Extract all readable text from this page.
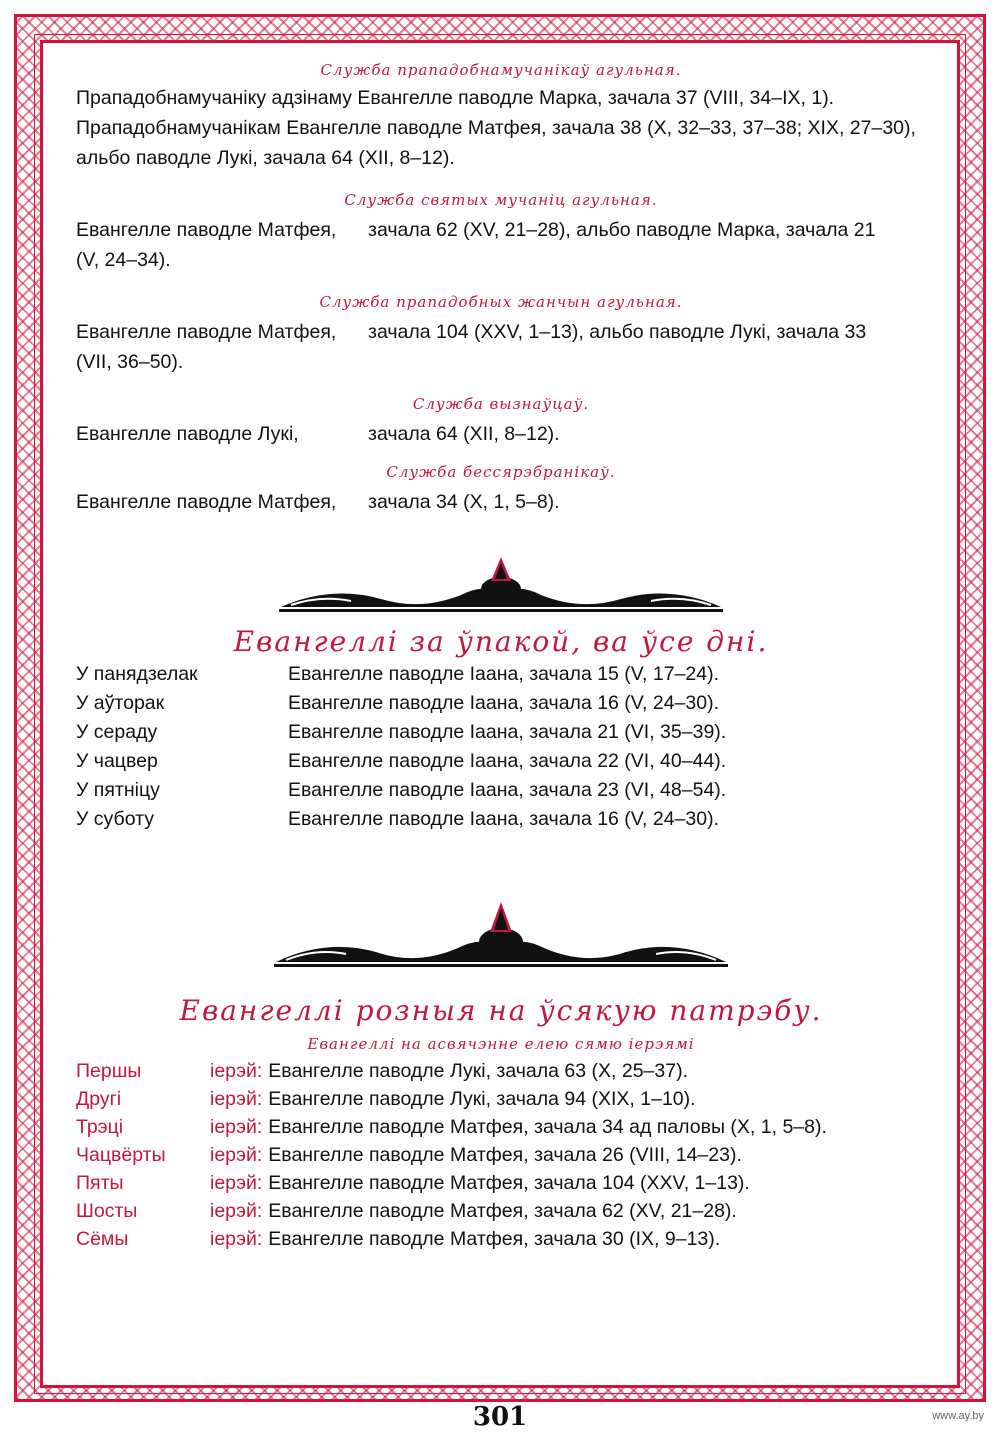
Служба прападобнамучанікаў агульная.

Прападобнамучаніку адзінаму Евангелле паводле Марка, зачала 37 (VIII, 34–IX, 1).

Прападобнамучанікам Евангелле паводле Матфея, зачала 38 (X, 32–33, 37–38; XIX, 27–30), альбо паводле Лукі, зачала 64 (XII, 8–12).

Служба святых мучаніц агульная.
Евангелле паводле Матфея,	зачала 62 (XV, 21–28), альбо паводле Марка, зачала 21
(V, 24–34).
Служба прападобных жанчын агульная.
Евангелле паводле Матфея,	зачала 104 (XXV, 1–13), альбо паводле Лукі, зачала 33
(VII, 36–50).
Служба вызнаўцаў.
Евангелле паводле Лукі,	зачала 64 (XII, 8–12).
Служба бессярэбранікаў.
Евангелле паводле Матфея,	зачала 34 (X, 1, 5–8).
Евангеллі за ўпакой, ва ўсе дні.
У панядзелак	Евангелле паводле Іаана, зачала 15 (V, 17–24).
У аўторак	Евангелле паводле Іаана, зачала 16 (V, 24–30).
У сераду	Евангелле паводле Іаана, зачала 21 (VI, 35–39).
У чацвер	Евангелле паводле Іаана, зачала 22 (VI, 40–44).
У пятніцу	Евангелле паводле Іаана, зачала 23 (VI, 48–54).
У суботу	Евангелле паводле Іаана, зачала 16 (V, 24–30).
Евангеллі розныя на ўсякую патрэбу.
Евангеллі на асвячэнне елею сямю іерэямі
Першы	іерэй: Евангелле паводле Лукі, зачала 63 (X, 25–37).
Другі	іерэй: Евангелле паводле Лукі, зачала 94 (XIX, 1–10).
Трэці	іерэй: Евангелле паводле Матфея, зачала 34 ад паловы (X, 1, 5–8).
Чацвёрты	іерэй: Евангелле паводле Матфея, зачала 26 (VIII, 14–23).
Пяты	іерэй: Евангелле паводле Матфея, зачала 104 (XXV, 1–13).
Шосты	іерэй: Евангелле паводле Матфея, зачала 62 (XV, 21–28).
Сёмы	іерэй: Евангелле паводле Матфея, зачала 30 (IX, 9–13).
301	www.ay.by
